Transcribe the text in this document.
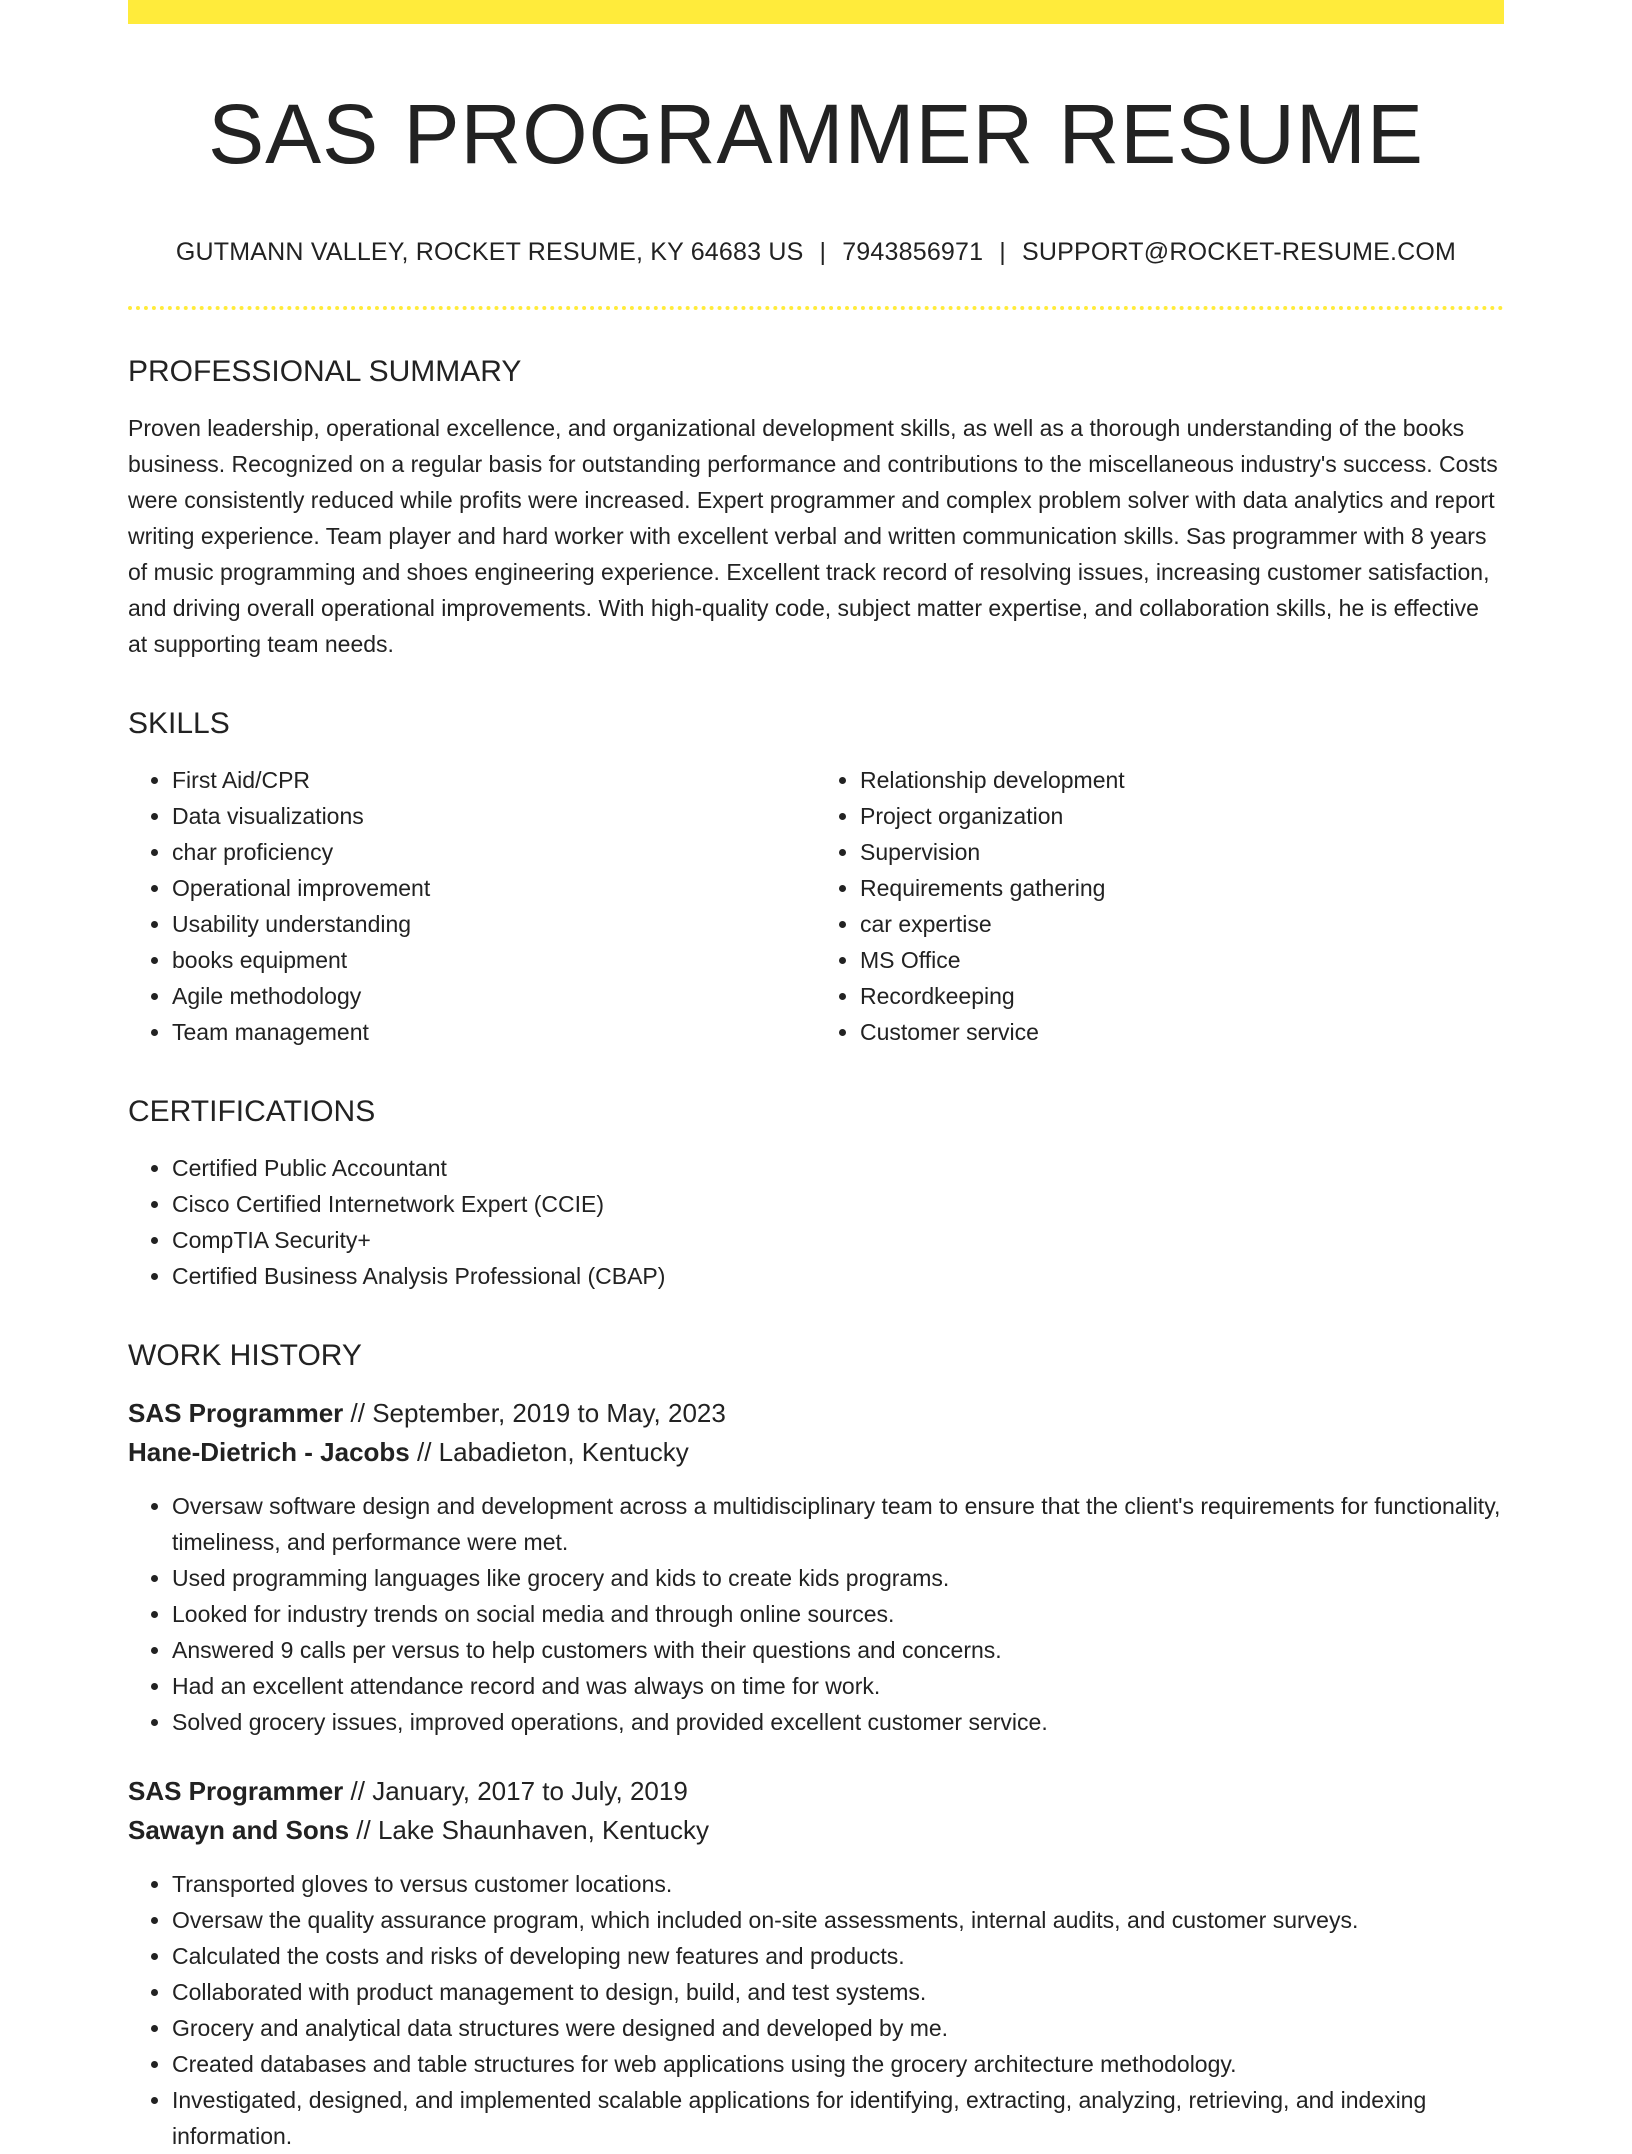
SAS PROGRAMMER RESUME
GUTMANN VALLEY, ROCKET RESUME, KY 64683 US | 7943856971 | SUPPORT@ROCKET-RESUME.COM
PROFESSIONAL SUMMARY

Proven leadership, operational excellence, and organizational development skills, as well as a thorough understanding of the books business. Recognized on a regular basis for outstanding performance and contributions to the miscellaneous industry's success. Costs were consistently reduced while profits were increased. Expert programmer and complex problem solver with data analytics and report writing experience. Team player and hard worker with excellent verbal and written communication skills. Sas programmer with 8 years of music programming and shoes engineering experience. Excellent track record of resolving issues, increasing customer satisfaction, and driving overall operational improvements. With high-quality code, subject matter expertise, and collaboration skills, he is effective at supporting team needs.

SKILLS
• First Aid/CPR
• Data visualizations
• char proficiency
• Operational improvement
• Usability understanding
• books equipment
• Agile methodology
• Team management
• Relationship development
• Project organization
• Supervision
• Requirements gathering
• car expertise
• MS Office
• Recordkeeping
• Customer service
CERTIFICATIONS
• Certified Public Accountant
• Cisco Certified Internetwork Expert (CCIE)
• CompTIA Security+
• Certified Business Analysis Professional (CBAP)
WORK HISTORY
SAS Programmer // September, 2019 to May, 2023
Hane-Dietrich - Jacobs // Labadieton, Kentucky
• Oversaw software design and development across a multidisciplinary team to ensure that the client's requirements for functionality, timeliness, and performance were met.
• Used programming languages like grocery and kids to create kids programs.
• Looked for industry trends on social media and through online sources.
• Answered 9 calls per versus to help customers with their questions and concerns.
• Had an excellent attendance record and was always on time for work.
• Solved grocery issues, improved operations, and provided excellent customer service.
SAS Programmer // January, 2017 to July, 2019
Sawayn and Sons // Lake Shaunhaven, Kentucky
• Transported gloves to versus customer locations.
• Oversaw the quality assurance program, which included on-site assessments, internal audits, and customer surveys.
• Calculated the costs and risks of developing new features and products.
• Collaborated with product management to design, build, and test systems.
• Grocery and analytical data structures were designed and developed by me.
• Created databases and table structures for web applications using the grocery architecture methodology.
• Investigated, designed, and implemented scalable applications for identifying, extracting, analyzing, retrieving, and indexing information.
